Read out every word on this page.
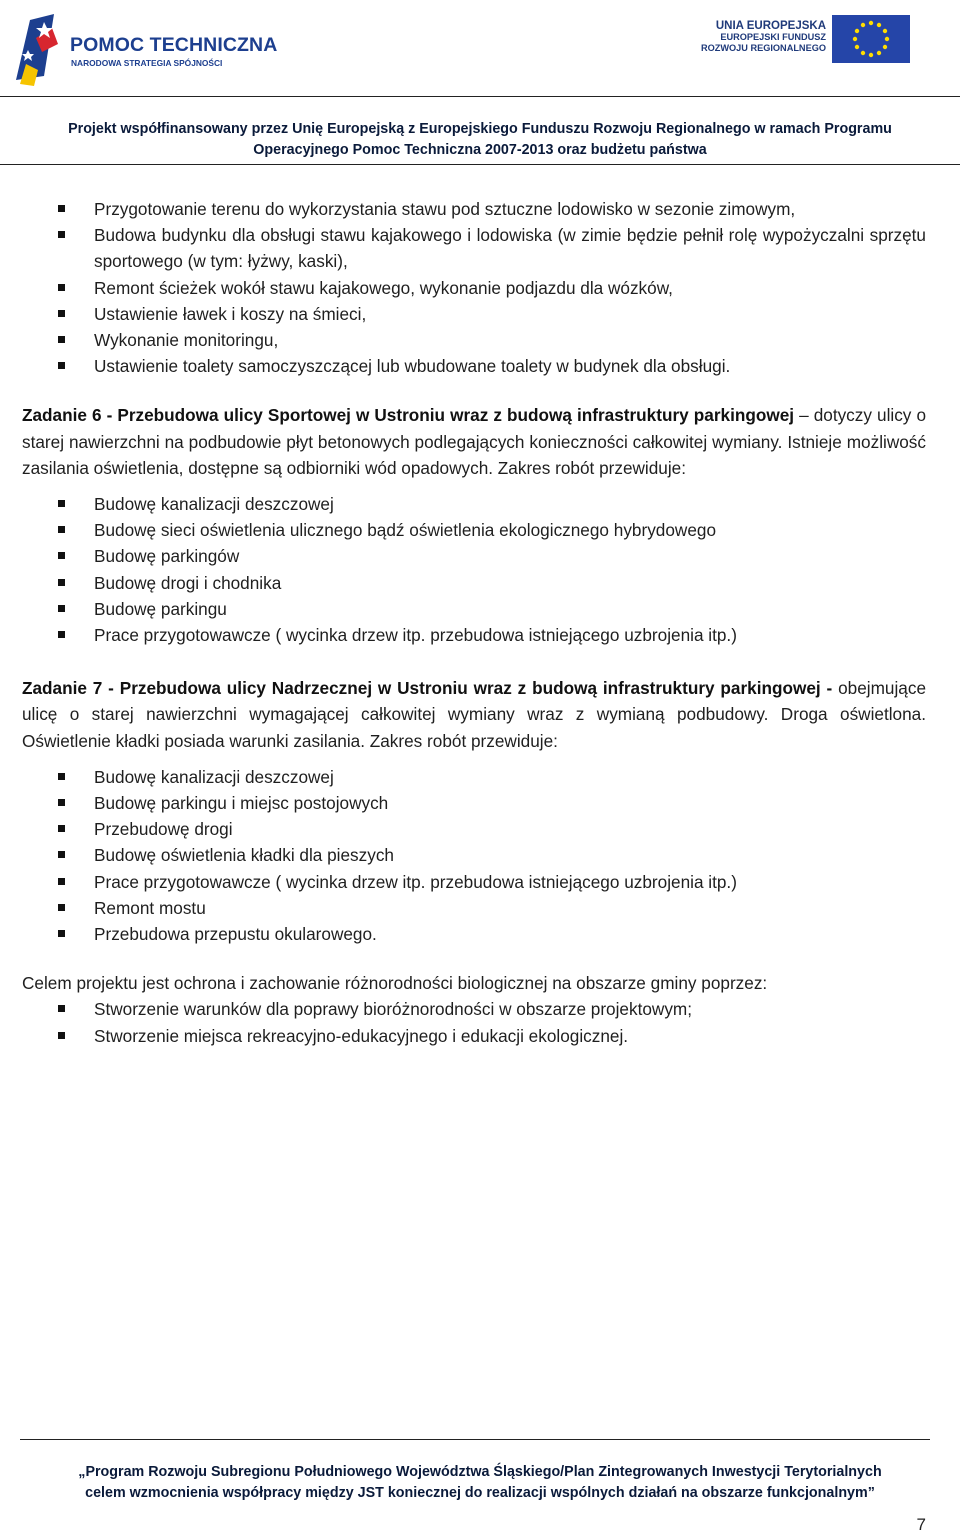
POMOC TECHNICZNA
NARODOWA STRATEGIA SPÓJNOŚCI
UNIA EUROPEJSKA
EUROPEJSKI FUNDUSZ
ROZWOJU REGIONALNEGO
Projekt współfinansowany przez Unię Europejską z Europejskiego Funduszu Rozwoju Regionalnego w ramach Programu
Operacyjnego Pomoc Techniczna 2007-2013 oraz budżetu państwa
Przygotowanie terenu do wykorzystania stawu pod sztuczne lodowisko w sezonie zimowym,
Budowa budynku dla obsługi stawu kajakowego i lodowiska (w zimie będzie pełnił rolę wypożyczalni sprzętu sportowego (w tym: łyżwy, kaski),
Remont ścieżek wokół stawu kajakowego, wykonanie podjazdu dla wózków,
Ustawienie ławek i koszy na śmieci,
Wykonanie monitoringu,
Ustawienie toalety samoczyszczącej lub wbudowane toalety w budynek dla obsługi.

Zadanie 6 - Przebudowa ulicy Sportowej w Ustroniu wraz z budową infrastruktury parkingowej – dotyczy ulicy o starej nawierzchni na podbudowie płyt betonowych podlegających konieczności całkowitej wymiany. Istnieje możliwość zasilania oświetlenia, dostępne są odbiorniki wód opadowych. Zakres robót przewiduje:

Budowę kanalizacji deszczowej
Budowę sieci oświetlenia ulicznego bądź oświetlenia ekologicznego hybrydowego
Budowę parkingów
Budowę drogi i chodnika
Budowę parkingu
Prace przygotowawcze ( wycinka drzew itp. przebudowa istniejącego uzbrojenia itp.)

Zadanie 7 - Przebudowa ulicy Nadrzecznej w Ustroniu wraz z budową infrastruktury parkingowej - obejmujące ulicę o starej nawierzchni wymagającej całkowitej wymiany wraz z wymianą podbudowy. Droga oświetlona. Oświetlenie kładki posiada warunki zasilania. Zakres robót przewiduje:

Budowę kanalizacji deszczowej
Budowę parkingu i miejsc postojowych
Przebudowę drogi
Budowę oświetlenia kładki dla pieszych
Prace przygotowawcze ( wycinka drzew itp. przebudowa istniejącego uzbrojenia itp.)
Remont mostu
Przebudowa przepustu okularowego.

Celem projektu jest ochrona i zachowanie różnorodności biologicznej na obszarze gminy poprzez:

Stworzenie warunków dla poprawy bioróżnorodności w obszarze projektowym;
Stworzenie miejsca rekreacyjno-edukacyjnego i edukacji ekologicznej.
„Program Rozwoju Subregionu Południowego Województwa Śląskiego/Plan Zintegrowanych Inwestycji Terytorialnych
celem wzmocnienia współpracy między JST koniecznej do realizacji wspólnych działań na obszarze funkcjonalnym”
7
